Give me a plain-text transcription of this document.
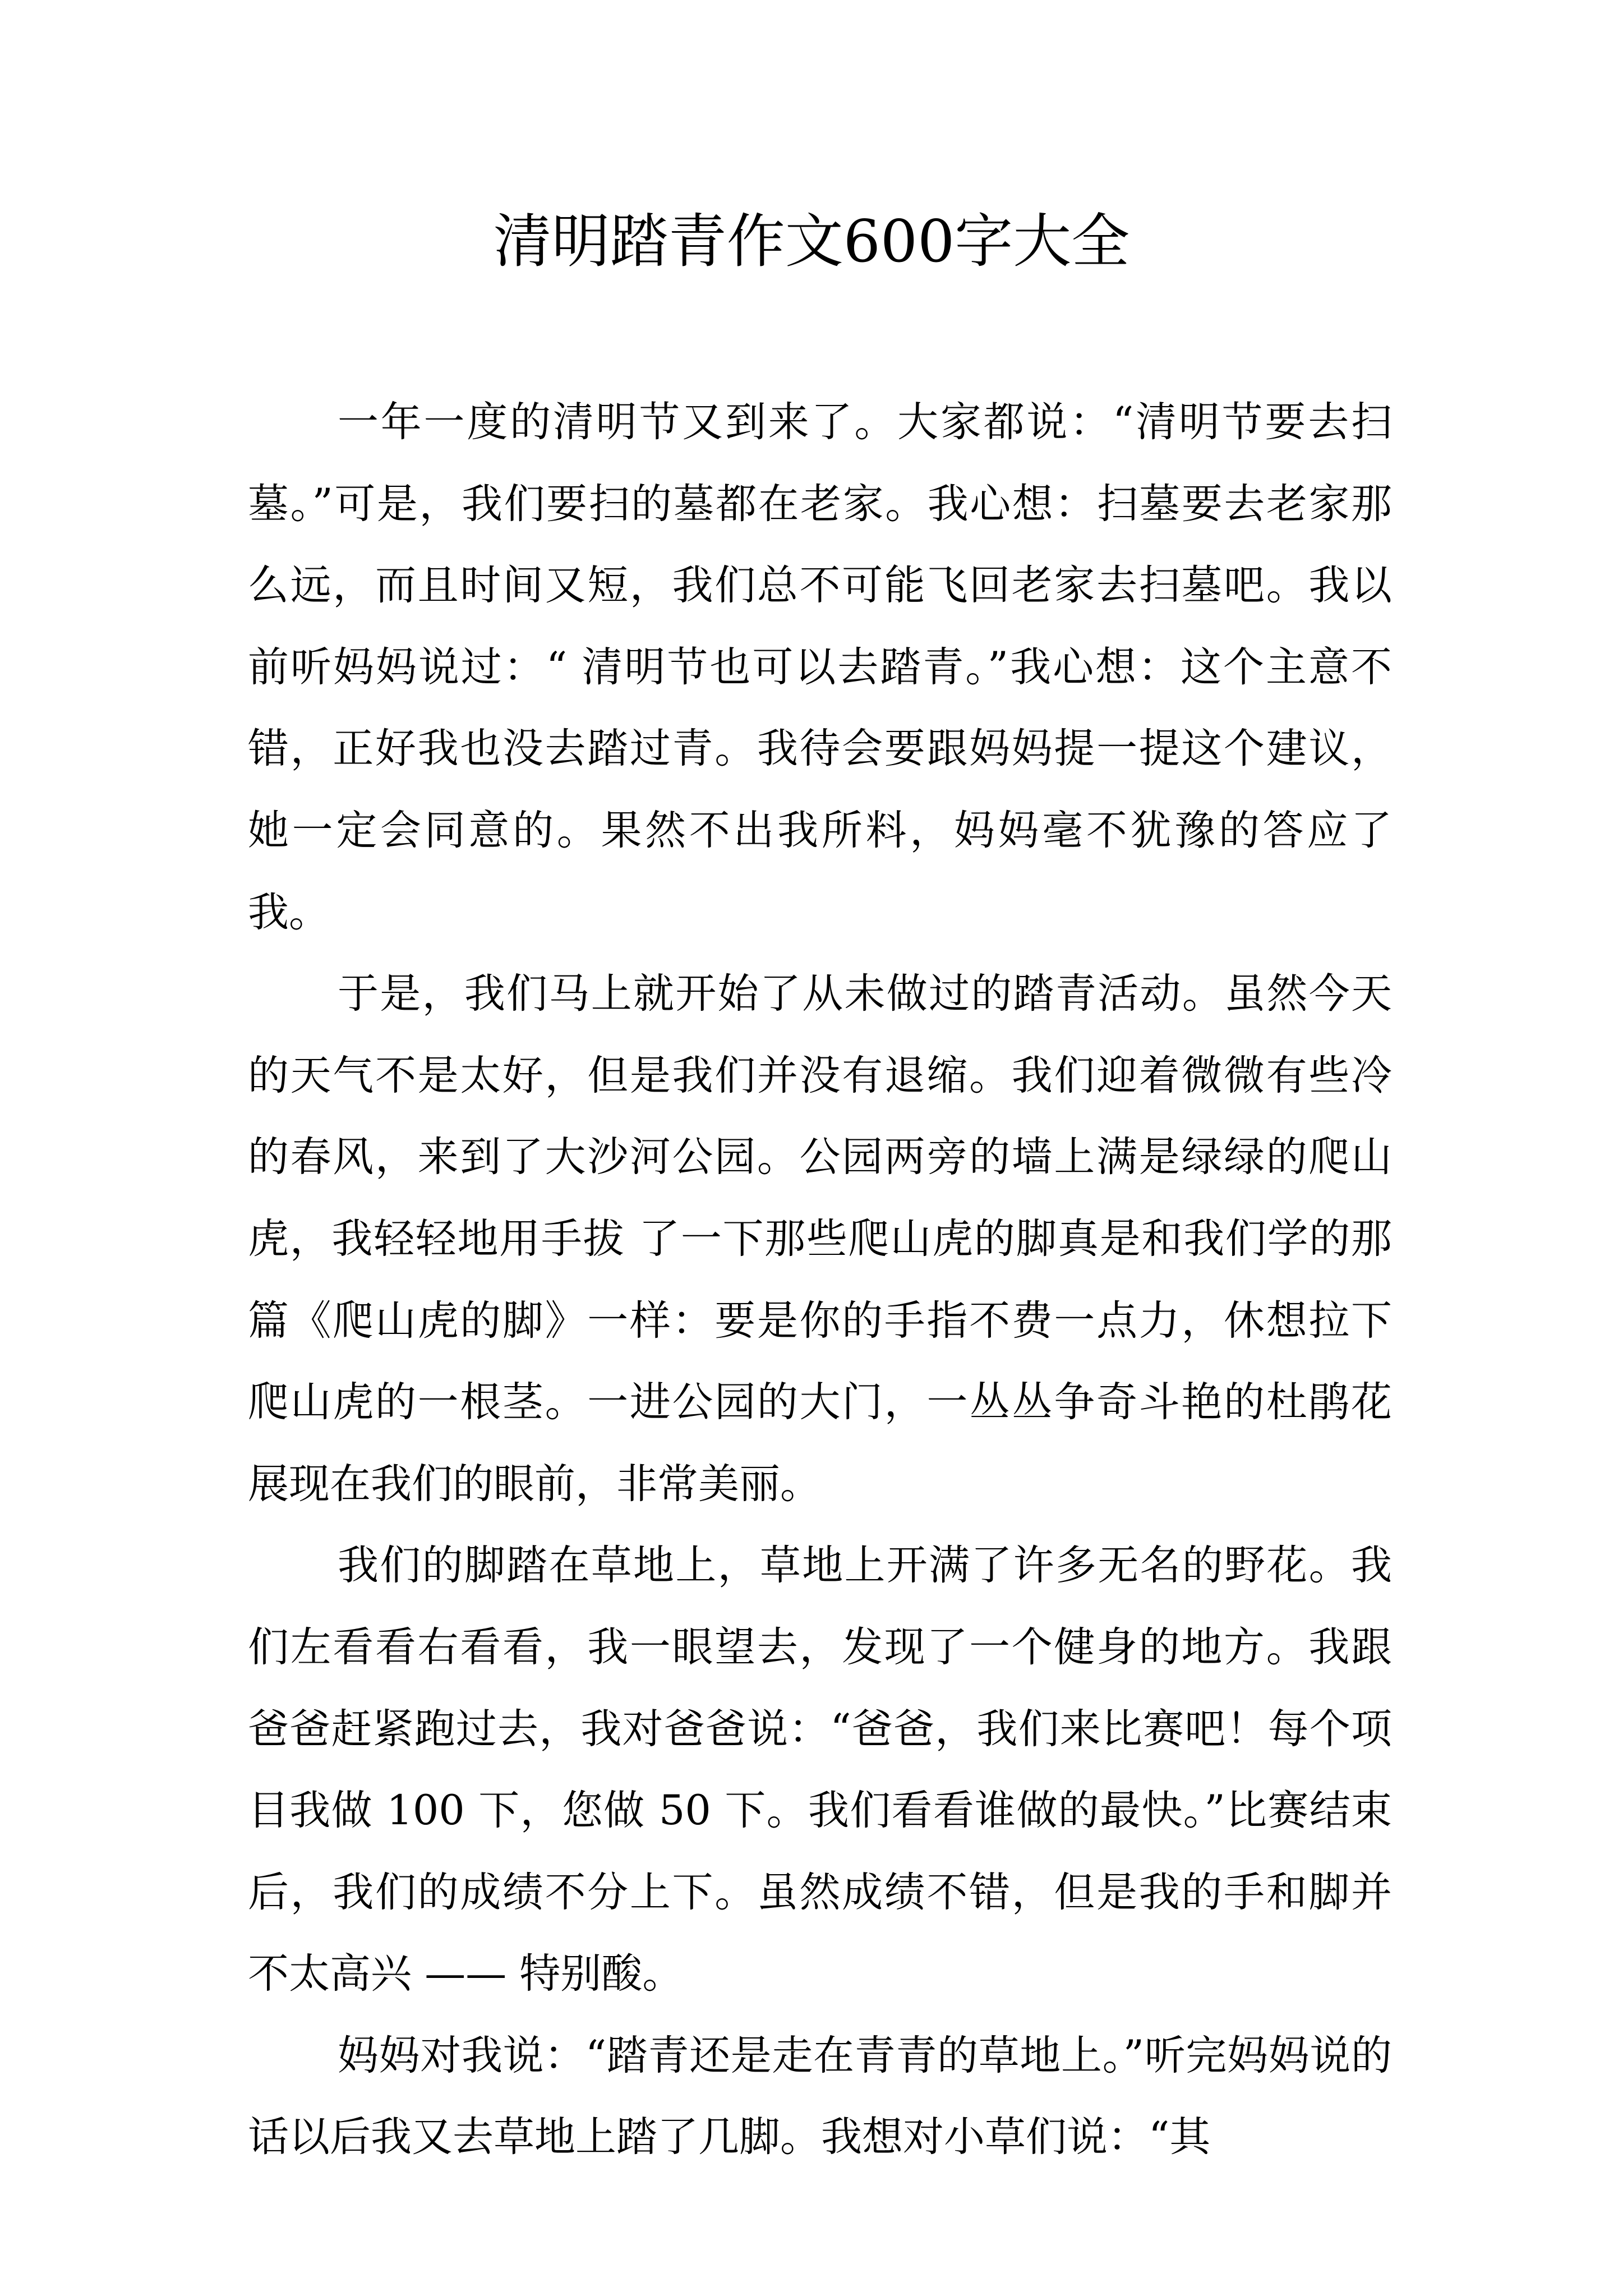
清明踏青作文600字大全

一年一度的清明节又到来了。大家都说：“清明节要去扫墓。”可是，我们要扫的墓都在老家。我心想：扫墓要去老家那么远，而且时间又短，我们总不可能飞回老家去扫墓吧。我以前听妈妈说过：“ 清明节也可以去踏青。”我心想：这个主意不错，正好我也没去踏过青。我待会要跟妈妈提一提这个建议，她一定会同意的。果然不出我所料，妈妈毫不犹豫的答应了我。

于是，我们马上就开始了从未做过的踏青活动。虽然今天的天气不是太好，但是我们并没有退缩。我们迎着微微有些冷的春风，来到了大沙河公园。公园两旁的墙上满是绿绿的爬山虎，我轻轻地用手拔 了一下那些爬山虎的脚真是和我们学的那篇《爬山虎的脚》一样：要是你的手指不费一点力，休想拉下爬山虎的一根茎。一进公园的大门，一丛丛争奇斗艳的杜鹃花展现在我们的眼前，非常美丽。

我们的脚踏在草地上，草地上开满了许多无名的野花。我们左看看右看看，我一眼望去，发现了一个健身的地方。我跟爸爸赶紧跑过去，我对爸爸说：“爸爸，我们来比赛吧！每个项目我做 100 下，您做 50 下。我们看看谁做的最快。”比赛结束后，我们的成绩不分上下。虽然成绩不错，但是我的手和脚并不太高兴 —— 特别酸。

妈妈对我说：“踏青还是走在青青的草地上。”听完妈妈说的话以后我又去草地上踏了几脚。我想对小草们说：“其
